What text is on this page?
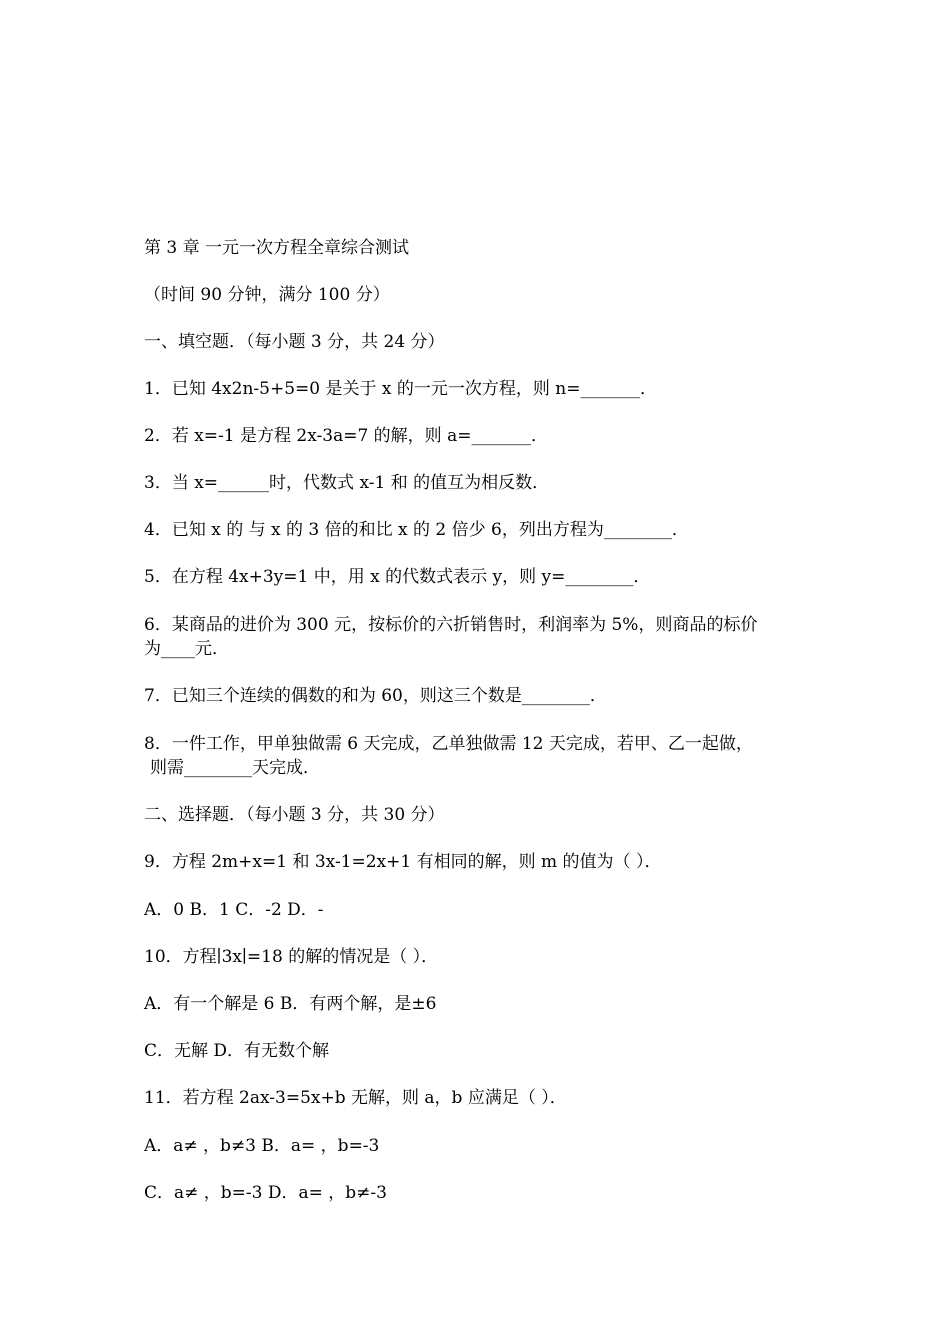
第 3 章 一元一次方程全章综合测试
（时间 90 分钟，满分 100 分）
一、填空题．（每小题 3 分，共 24 分）
1．已知 4x2n-5+5=0 是关于 x 的一元一次方程，则 n=_______．
2．若 x=-1 是方程 2x-3a=7 的解，则 a=_______．
3．当 x=______时，代数式 x-1 和 的值互为相反数．
4．已知 x 的 与 x 的 3 倍的和比 x 的 2 倍少 6，列出方程为________．
5．在方程 4x+3y=1 中，用 x 的代数式表示 y，则 y=________．
6．某商品的进价为 300 元，按标价的六折销售时，利润率为 5%，则商品的标价
为____元．
7．已知三个连续的偶数的和为 60，则这三个数是________．
8．一件工作，甲单独做需 6 天完成，乙单独做需 12 天完成，若甲、乙一起做，
则需________天完成．
二、选择题．（每小题 3 分，共 30 分）
9．方程 2m+x=1 和 3x-1=2x+1 有相同的解，则 m 的值为（ ）．
A．0 B．1 C．-2 D．-
10．方程∣3x∣=18 的解的情况是（ ）．
A．有一个解是 6 B．有两个解，是±6
C．无解 D．有无数个解
11．若方程 2ax-3=5x+b 无解，则 a，b 应满足（ ）．
A．a≠ ，b≠3 B．a= ，b=-3
C．a≠ ，b=-3 D．a= ，b≠-3
